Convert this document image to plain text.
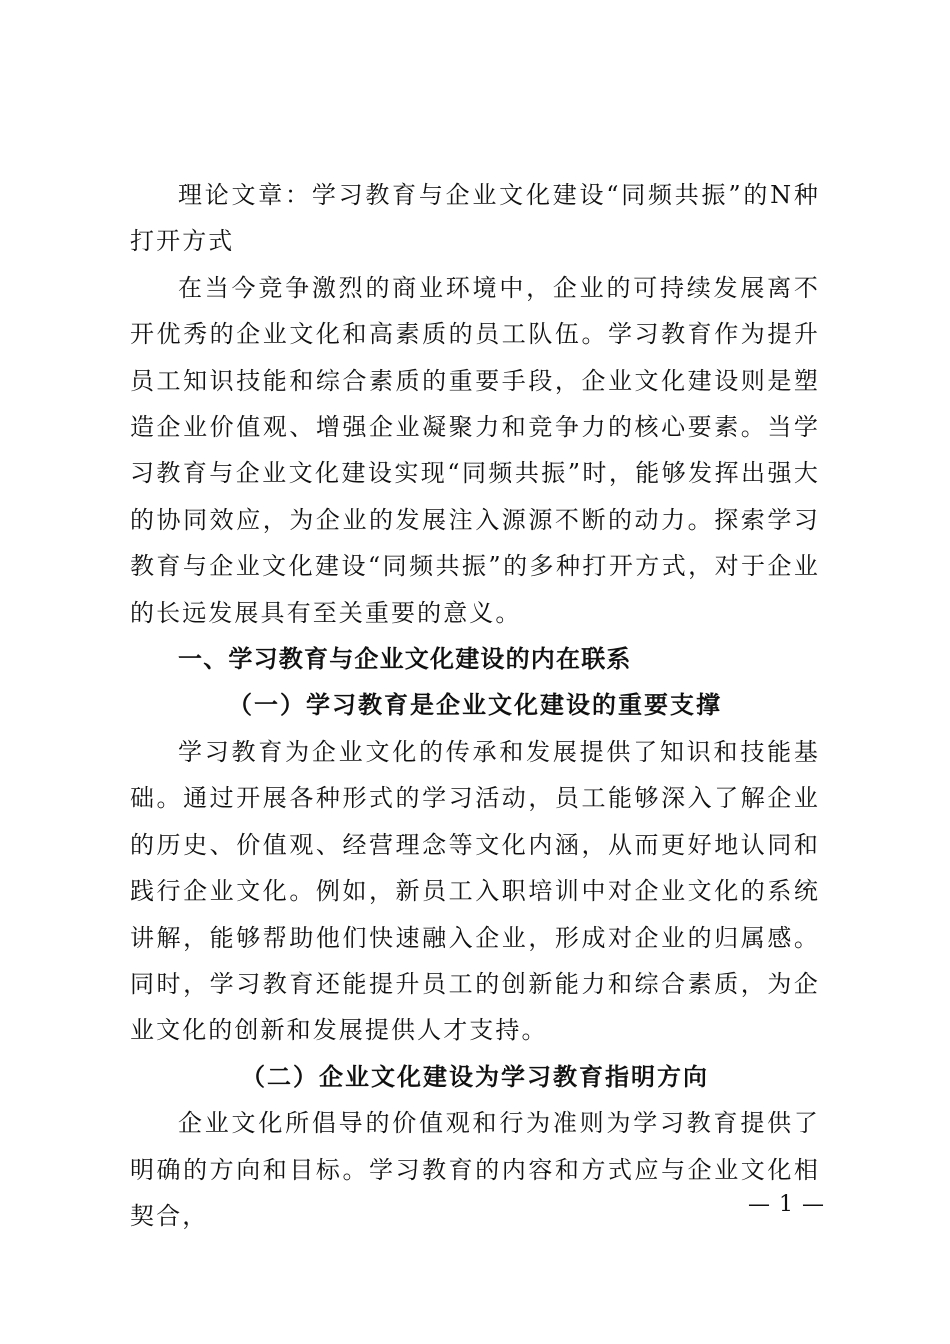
理论文章：学习教育与企业文化建设“同频共振”的N种打开方式

在当今竞争激烈的商业环境中，企业的可持续发展离不开优秀的企业文化和高素质的员工队伍。学习教育作为提升员工知识技能和综合素质的重要手段，企业文化建设则是塑造企业价值观、增强企业凝聚力和竞争力的核心要素。当学习教育与企业文化建设实现“同频共振”时，能够发挥出强大的协同效应，为企业的发展注入源源不断的动力。探索学习教育与企业文化建设“同频共振”的多种打开方式，对于企业的长远发展具有至关重要的意义。

一、学习教育与企业文化建设的内在联系

（一）学习教育是企业文化建设的重要支撑

学习教育为企业文化的传承和发展提供了知识和技能基础。通过开展各种形式的学习活动，员工能够深入了解企业的历史、价值观、经营理念等文化内涵，从而更好地认同和践行企业文化。例如，新员工入职培训中对企业文化的系统讲解，能够帮助他们快速融入企业，形成对企业的归属感。同时，学习教育还能提升员工的创新能力和综合素质，为企业文化的创新和发展提供人才支持。

（二）企业文化建设为学习教育指明方向

企业文化所倡导的价值观和行为准则为学习教育提供了明确的方向和目标。学习教育的内容和方式应与企业文化相契合，	— 1 —
